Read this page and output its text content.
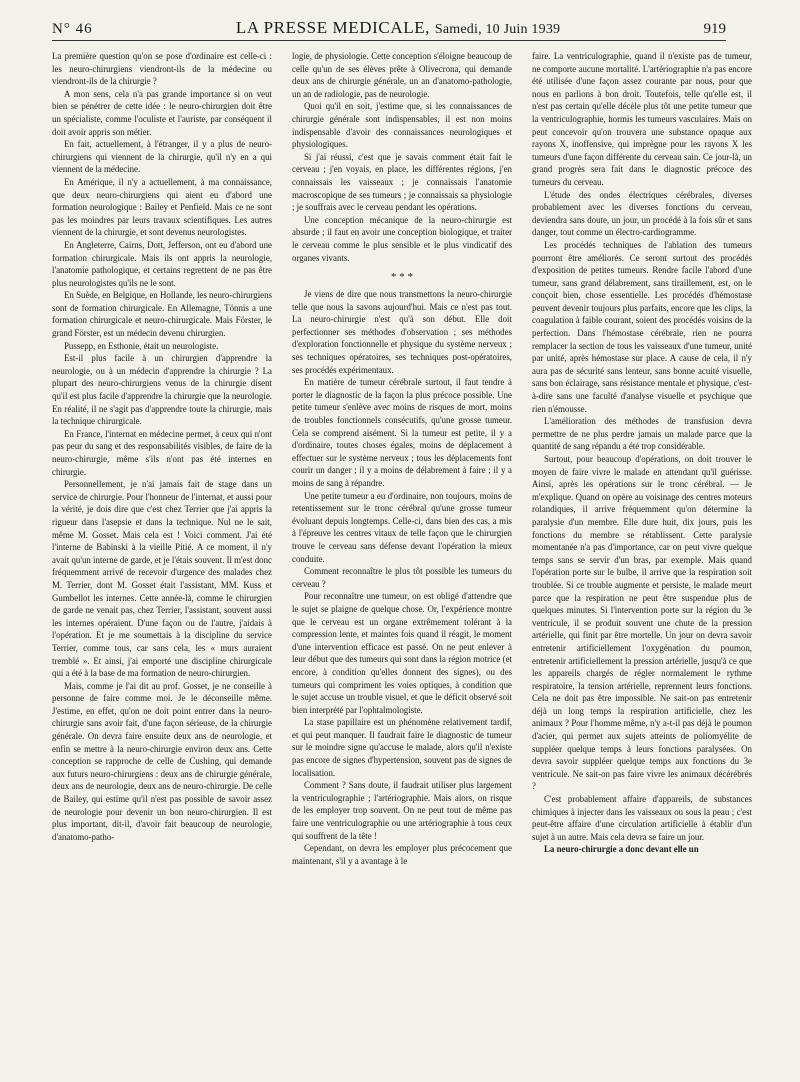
N° 46	LA PRESSE MEDICALE, Samedi, 10 Juin 1939	919

La première question qu'on se pose d'ordinaire est celle-ci : les neuro-chirurgiens viendront-ils de la médecine ou viendront-ils de la chirurgie ?

A mon sens, cela n'a pas grande importance si on veut bien se pénétrer de cette idée : le neuro-chirurgien doit être un spécialiste, comme l'oculiste et l'auriste, par conséquent il doit avoir appris son métier.

En fait, actuellement, à l'étranger, il y a plus de neuro-chirurgiens qui viennent de la chirurgie, qu'il n'y en a qui viennent de la médecine.

En Amérique, il n'y a actuellement, à ma connaissance, que deux neuro-chirurgiens qui aient eu d'abord une formation neurologique : Bailey et Penfield. Mais ce ne sont pas les moindres par leurs travaux scientifiques. Les autres viennent de la chirurgie, et sont devenus neurologistes.

En Angleterre, Cairns, Dott, Jefferson, ont eu d'abord une formation chirurgicale. Mais ils ont appris la neurologie, l'anatomie pathologique, et certains regrettent de ne pas être plus neurologistes qu'ils ne le sont.

En Suède, en Belgique, en Hollande, les neuro-chirurgiens sont de formation chirurgicale. En Allemagne, Tönnis a une formation chirurgicale et neuro-chirurgicale. Mais Förster, le grand Förster, est un médecin devenu chirurgien.

Pussepp, en Esthonie, était un neurologiste.

Est-il plus facile à un chirurgien d'apprendre la neurologie, ou à un médecin d'apprendre la chirurgie ? La plupart des neuro-chirurgiens venus de la chirurgie disent qu'il est plus facile d'apprendre la chirurgie que la neurologie. En réalité, il ne s'agit pas d'apprendre toute la chirurgie, mais la technique chirurgicale.

En France, l'internat en médecine permet, à ceux qui n'ont pas peur du sang et des responsabilités visibles, de faire de la neuro-chirurgie, même s'ils n'ont pas été internes en chirurgie.

Personnellement, je n'ai jamais fait de stage dans un service de chirurgie. Pour l'honneur de l'internat, et aussi pour la vérité, je dois dire que c'est chez Terrier que j'ai appris la rigueur dans l'asepsie et dans la technique. Nul ne le sait, même M. Gosset. Mais cela est ! Voici comment. J'ai été l'interne de Babinski à la vieille Pitié. A ce moment, il n'y avait qu'un interne de garde, et je l'étais souvent. Il m'est donc fréquemment arrivé de recevoir d'urgence des malades chez M. Terrier, dont M. Gosset était l'assistant, MM. Kuss et Gumbellot les internes. Cette année-là, comme le chirurgien de garde ne venait pas, chez Terrier, l'assistant, souvent aussi les internes opéraient. D'une façon ou de l'autre, j'aidais à l'opération. Et je me soumettais à la discipline du service Terrier, comme tous, car sans cela, les « murs auraient tremblé ». Et ainsi, j'ai emporté une discipline chirurgicale qui a été à la base de ma formation de neuro-chirurgien.

Mais, comme je l'ai dit au prof. Gosset, je ne conseille à personne de faire comme moi. Je le déconseille même. J'estime, en effet, qu'on ne doit point entrer dans la neuro-chirurgie sans avoir fait, d'une façon sérieuse, de la chirurgie générale. On devra faire ensuite deux ans de neurologie, et enfin se mettre à la neuro-chirurgie environ deux ans. Cette conception se rapproche de celle de Cushing, qui demande aux futurs neuro-chirurgiens : deux ans de chirurgie générale, deux ans de neurologie, deux ans de neuro-chirurgie. De celle de Bailey, qui estime qu'il n'est pas possible de savoir assez de neurologie pour devenir un bon neuro-chirurgien. Il est plus important, dit-il, d'avoir fait beaucoup de neurologie, d'anatomo-patho-

logie, de physiologie. Cette conception s'éloigne beaucoup de celle qu'un de ses élèves prête à Olivecrona, qui demande deux ans de chirurgie générale, un an d'anatomo-pathologie, un an de radiologie, pas de neurologie.

Quoi qu'il en soit, j'estime que, si les connaissances de chirurgie générale sont indispensables, il est non moins indispensable d'avoir des connaissances neurologiques et physiologiques.

Si j'ai réussi, c'est que je savais comment était fait le cerveau ; j'en voyais, en place, les différentes régions, j'en connaissais les vaisseaux ; je connaissais l'anatomie macroscopique de ses tumeurs ; je connaissais sa physiologie ; je souffrais avec le cerveau pendant les opérations.

Une conception mécanique de la neuro-chirurgie est absurde ; il faut en avoir une conception biologique, et traiter le cerveau comme le plus sensible et le plus vindicatif des organes vivants.

* * *

Je viens de dire que nous transmettons la neuro-chirurgie telle que nous la savons aujourd'hui. Mais ce n'est pas tout. La neuro-chirurgie n'est qu'à son début. Elle doit perfectionner ses méthodes d'observation ; ses méthodes d'exploration fonctionnelle et physique du système nerveux ; ses techniques opératoires, ses techniques post-opératoires, ses procédés expérimentaux.

En matière de tumeur cérébrale surtout, il faut tendre à porter le diagnostic de la façon la plus précoce possible. Une petite tumeur s'enlève avec moins de risques de mort, moins de troubles fonctionnels consécutifs, qu'une grosse tumeur. Cela se comprend aisément. Si la tumeur est petite, il y a d'ordinaire, toutes choses égales, moins de déplacement à effectuer sur le système nerveux ; tous les déplacements font courir un danger ; il y a moins de délabrement à faire ; il y a moins de sang à répandre.

Une petite tumeur a eu d'ordinaire, non toujours, moins de retentissement sur le tronc cérébral qu'une grosse tumeur évoluant depuis longtemps. Celle-ci, dans bien des cas, a mis à l'épreuve les centres vitaux de telle façon que le chirurgien trouve le cerveau sans défense devant l'opération la mieux conduite.

Comment reconnaître le plus tôt possible les tumeurs du cerveau ?

Pour reconnaître une tumeur, on est obligé d'attendre que le sujet se plaigne de quelque chose. Or, l'expérience montre que le cerveau est un organe extrêmement tolérant à la compression lente, et maintes fois quand il réagit, le moment d'une intervention efficace est passé. On ne peut enlever à leur début que des tumeurs qui sont dans la région motrice (et encore, à condition qu'elles donnent des signes), ou des tumeurs qui compriment les voies optiques, à condition que le sujet accuse un trouble visuel, et que le déficit observé soit bien interprété par l'ophtalmologiste.

La stase papillaire est un phénomène relativement tardif, et qui peut manquer. Il faudrait faire le diagnostic de tumeur sur le moindre signe qu'accuse le malade, alors qu'il n'existe pas encore de signes d'hypertension, souvent pas de signes de localisation.

Comment ? Sans doute, il faudrait utiliser plus largement la ventriculographie ; l'artériographie. Mais alors, on risque de les employer trop souvent. On ne peut tout de même pas faire une ventriculographie ou une artériographie à tous ceux qui souffrent de la tête !

Cependant, on devra les employer plus précocement que maintenant, s'il y a avantage à le

faire. La ventriculographie, quand il n'existe pas de tumeur, ne comporte aucune mortalité. L'artériographie n'a pas encore été utilisée d'une façon assez courante par nous, pour que nous en parlions à bon droit. Toutefois, telle qu'elle est, il n'est pas certain qu'elle décèle plus tôt une petite tumeur que la ventriculographie, hormis les tumeurs vasculaires. Mais on peut concevoir qu'on trouvera une substance opaque aux rayons X, inoffensive, qui imprègne pour les rayons X les tumeurs d'une façon différente du cerveau sain. Ce jour-là, un grand progrès sera fait dans le diagnostic précoce des tumeurs du cerveau.

L'étude des ondes électriques cérébrales, diverses probablement avec les diverses fonctions du cerveau, deviendra sans doute, un jour, un procédé à la fois sûr et sans danger, tout comme un électro-cardiogramme.

Les procédés techniques de l'ablation des tumeurs pourront être améliorés. Ce seront surtout des procédés d'exposition de petites tumeurs. Rendre facile l'abord d'une tumeur, sans grand délabrement, sans tiraillement, est, on le conçoit bien, chose essentielle. Les procédés d'hémostase peuvent devenir toujours plus parfaits, encore que les clips, la coagulation à faible courant, soient des procédés voisins de la perfection. Dans l'hémostase cérébrale, rien ne pourra remplacer la section de tous les vaisseaux d'une tumeur, unité par unité, après hémostase sur place. A cause de cela, il n'y aura pas de sécurité sans lenteur, sans bonne acuité visuelle, sans bon éclairage, sans résistance mentale et physique, c'est-à-dire sans une faculté d'analyse visuelle et psychique que rien n'émousse.

L'amélioration des méthodes de transfusion devra permettre de ne plus perdre jamais un malade parce que la quantité de sang répandu a été trop considérable.

Surtout, pour beaucoup d'opérations, on doit trouver le moyen de faire vivre le malade en attendant qu'il guérisse. Ainsi, après les opérations sur le tronc cérébral. — Je m'explique. Quand on opère au voisinage des centres moteurs rolandiques, il arrive fréquemment qu'on détermine la paralysie d'un membre. Elle dure huit, dix jours, puis les fonctions du membre se rétablissent. Cette paralysie momentanée n'a pas d'importance, car on peut vivre quelque temps sans se servir d'un bras, par exemple. Mais quand l'opération porte sur le bulbe, il arrive que la respiration soit troublée. Si ce trouble augmente et persiste, le malade meurt parce que la respiration ne peut être suspendue plus de quelques minutes. Si l'intervention porte sur la région du 3e ventricule, il se produit souvent une chute de la pression artérielle, qui finit par être mortelle. Un jour on devra savoir entretenir artificiellement l'oxygénation du poumon, entretenir artificiellement la pression artérielle, jusqu'à ce que les appareils chargés de régler normalement le rythme respiratoire, la tension artérielle, reprennent leurs fonctions. Cela ne doit pas être impossible. Ne sait-on pas entretenir déjà un long temps la respiration artificielle, chez les animaux ? Pour l'homme même, n'y a-t-il pas déjà le poumon d'acier, qui permet aux sujets atteints de poliomyélite de suppléer quelque temps à leurs fonctions paralysées. On devra savoir suppléer quelque temps aux fonctions du 3e ventricule. Ne sait-on pas faire vivre les animaux décérébrés ?

C'est probablement affaire d'appareils, de substances chimiques à injecter dans les vaisseaux ou sous la peau ; c'est peut-être affaire d'une circulation artificielle à établir d'un sujet à un autre. Mais cela devra se faire un jour.

La neuro-chirurgie a donc devant elle un
